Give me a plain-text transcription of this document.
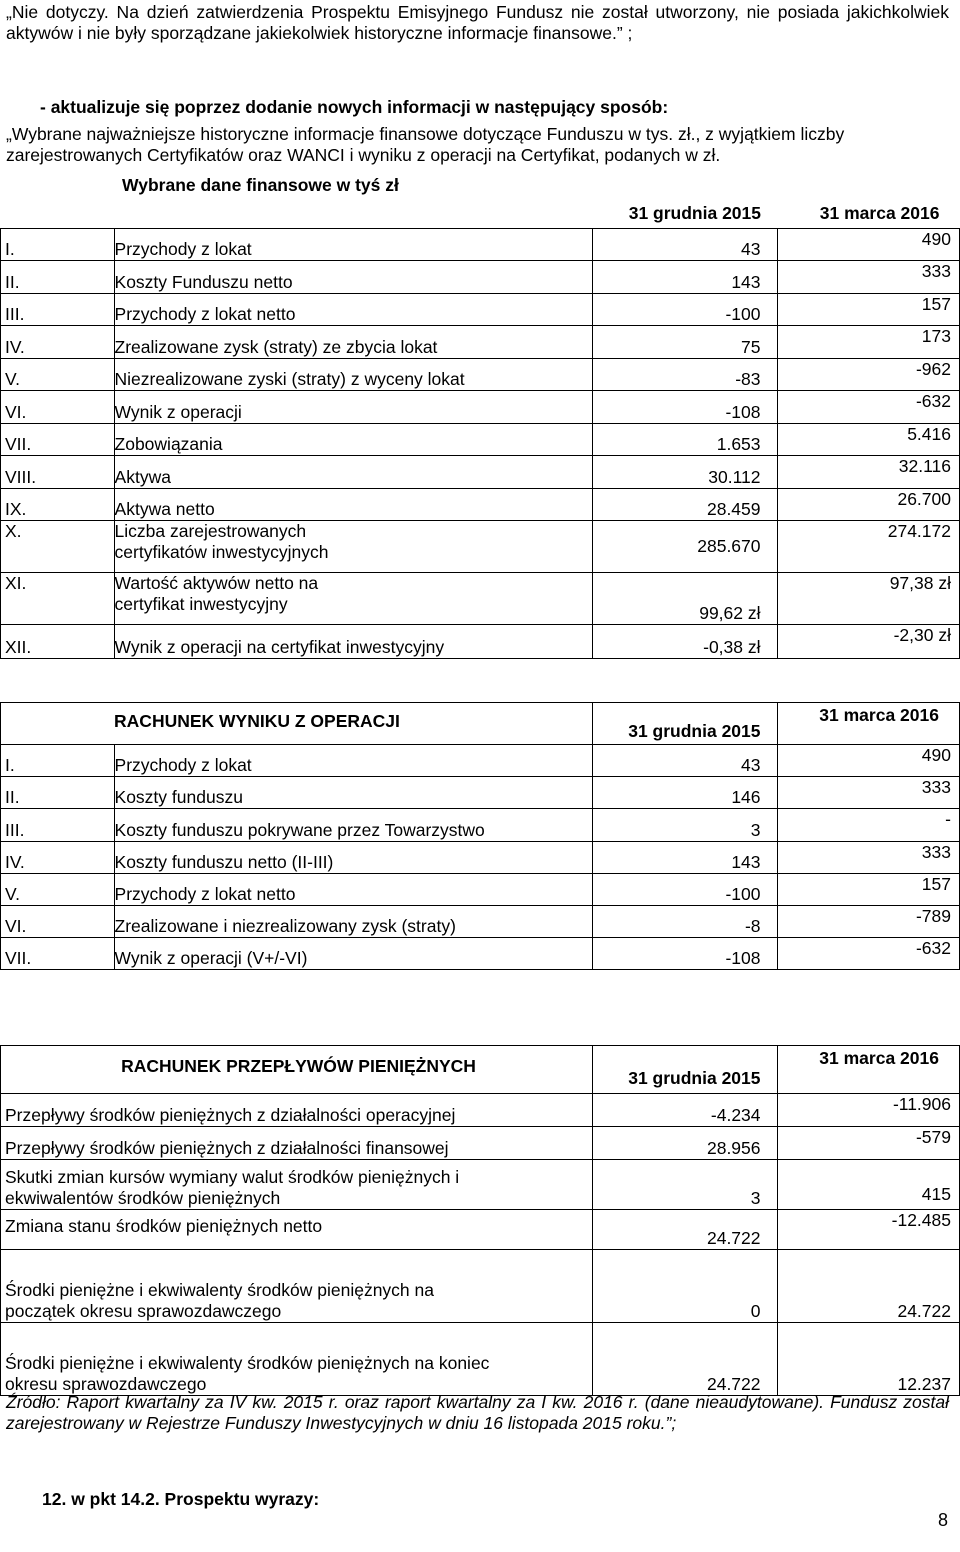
„Nie dotyczy. Na dzień zatwierdzenia Prospektu Emisyjnego Fundusz nie został utworzony, nie posiada jakichkolwiek aktywów i nie były sporządzane jakiekolwiek historyczne informacje finansowe.” ;
- aktualizuje się poprzez dodanie nowych informacji w następujący sposób:
„Wybrane najważniejsze historyczne informacje finansowe dotyczące Funduszu w tys. zł., z wyjątkiem liczby zarejestrowanych Certyfikatów oraz WANCI i wyniku z operacji na Certyfikat, podanych w zł.
	Wybrane dane finansowe w tyś zł	31 grudnia 2015	31 marca 2016
I.	Przychody z lokat	43	490
II.	Koszty Funduszu netto	143	333
III.	Przychody z lokat netto	-100	157
IV.	Zrealizowane zysk (straty) ze zbycia lokat	75	173
V.	Niezrealizowane zyski (straty) z wyceny lokat	-83	-962
VI.	Wynik z operacji	-108	-632
VII.	Zobowiązania	1.653	5.416
VIII.	Aktywa	30.112	32.116
IX.	Aktywa netto	28.459	26.700
X.	Liczba zarejestrowanych certyfikatów inwestycyjnych	285.670	274.172
XI.	Wartość aktywów netto na certyfikat inwestycyjny	99,62 zł	97,38 zł
XII.	Wynik z operacji na certyfikat inwestycyjny	-0,38 zł	-2,30 zł
	RACHUNEK WYNIKU Z OPERACJI	31 grudnia 2015	31 marca 2016
I.	Przychody z lokat	43	490
II.	Koszty funduszu	146	333
III.	Koszty funduszu pokrywane przez Towarzystwo	3	-
IV.	Koszty funduszu netto (II-III)	143	333
V.	Przychody z lokat netto	-100	157
VI.	Zrealizowane i niezrealizowany zysk (straty)	-8	-789
VII.	Wynik z operacji (V+/-VI)	-108	-632
RACHUNEK PRZEPŁYWÓW PIENIĘŻNYCH	31 grudnia 2015	31 marca 2016
Przepływy środków pieniężnych z działalności operacyjnej	-4.234	-11.906
Przepływy środków pieniężnych z działalności finansowej	28.956	-579
Skutki zmian kursów wymiany walut środków pieniężnych i ekwiwalentów środków pieniężnych	3	415
Zmiana stanu środków pieniężnych netto	24.722	-12.485
Środki pieniężne i ekwiwalenty środków pieniężnych na początek okresu sprawozdawczego	0	24.722
Środki pieniężne i ekwiwalenty środków pieniężnych na koniec okresu sprawozdawczego	24.722	12.237
Źródło: Raport kwartalny za IV kw. 2015 r. oraz raport kwartalny za I kw. 2016 r. (dane nieaudytowane). Fundusz został zarejestrowany w Rejestrze Funduszy Inwestycyjnych w dniu 16 listopada 2015 roku.”;
12. w pkt 14.2. Prospektu wyrazy:
8
